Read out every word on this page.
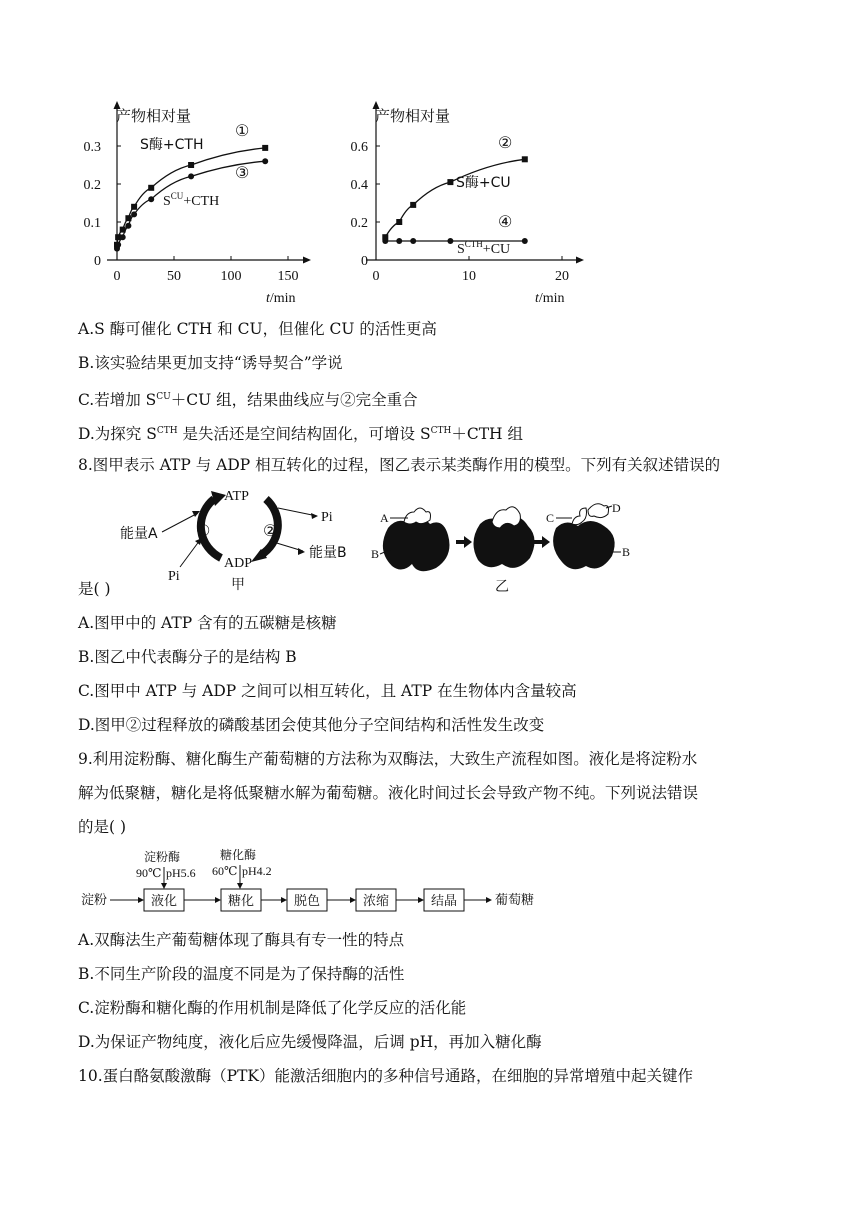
产物相对量
0
0.1
0.2
0.3
0	50	100	150
t/min
S酶+CTH
①
③
$S^{CU}+CTH$
产物相对量
0
0.2
0.4
0.6
0	10	20
t/min
②
S酶+CU
④
$S^{CTH}+CU$
A.S 酶可催化 CTH 和 CU，但催化 CU 的活性更高
B.该实验结果更加支持“诱导契合”学说
C.若增加 $S^{CU}+CU$ 组，结果曲线应与②完全重合
D.为探究 $S^{CTH}$ 是失活还是空间结构固化，可增设 $S^{CTH}+CTH$ 组
8.图甲表示 ATP 与 ADP 相互转化的过程，图乙表示某类酶作用的模型。下列有关叙述错误的
ATP
ADP
①	②
能量A
能量B
Pi
Pi
甲
A
B
C
D
B
乙
是( )
A.图甲中的 ATP 含有的五碳糖是核糖
B.图乙中代表酶分子的是结构 B
C.图甲中 ATP 与 ADP 之间可以相互转化，且 ATP 在生物体内含量较高
D.图甲②过程释放的磷酸基团会使其他分子空间结构和活性发生改变
9.利用淀粉酶、糖化酶生产葡萄糖的方法称为双酶法，大致生产流程如图。液化是将淀粉水
解为低聚糖，糖化是将低聚糖水解为葡萄糖。液化时间过长会导致产物不纯。下列说法错误
的是( )
淀粉酶
90℃ pH5.6
糖化酶
60℃ pH4.2
淀粉	液化	糖化	脱色	浓缩	结晶	葡萄糖
A.双酶法生产葡萄糖体现了酶具有专一性的特点
B.不同生产阶段的温度不同是为了保持酶的活性
C.淀粉酶和糖化酶的作用机制是降低了化学反应的活化能
D.为保证产物纯度，液化后应先缓慢降温，后调 pH，再加入糖化酶
10.蛋白酪氨酸激酶（PTK）能激活细胞内的多种信号通路，在细胞的异常增殖中起关键作
